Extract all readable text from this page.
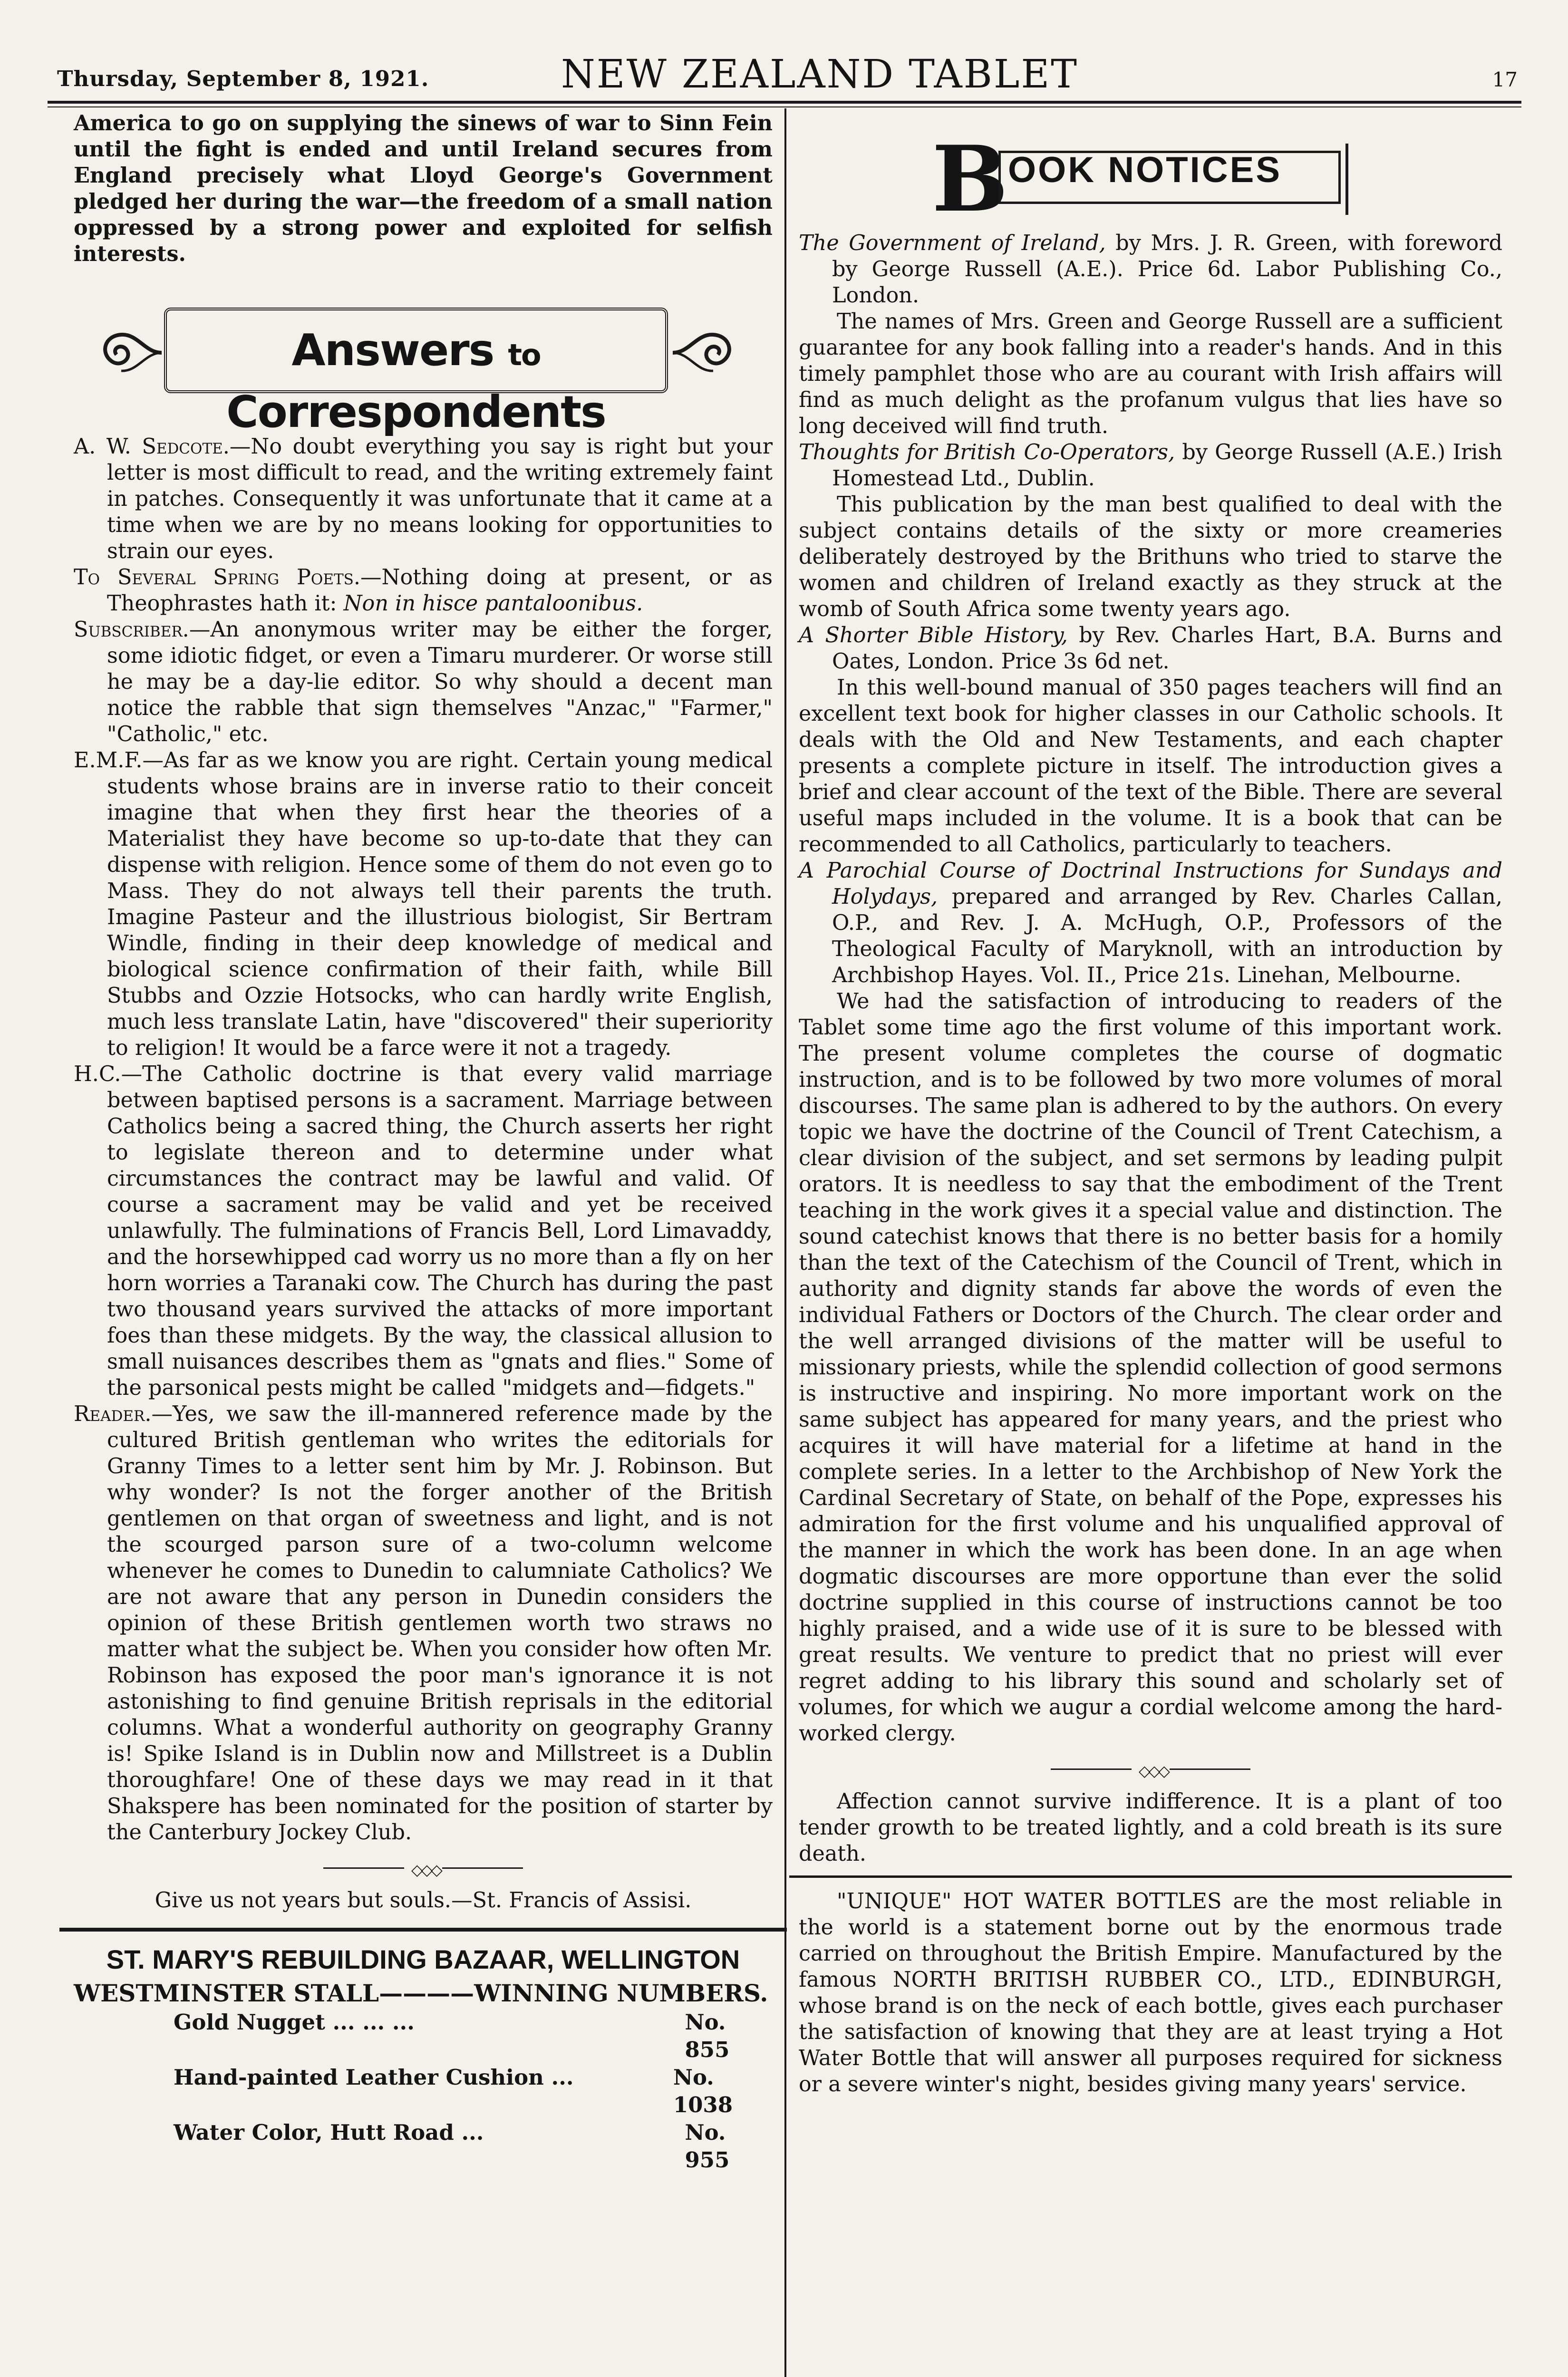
Thursday, September 8, 1921.	NEW ZEALAND TABLET	17

America to go on supplying the sinews of war to Sinn Fein until the fight is ended and until Ireland secures from England precisely what Lloyd George's Government pledged her during the war—the freedom of a small nation oppressed by a strong power and exploited for selfish interests.

Answers to Correspondents

A. W. Sedcote.—No doubt everything you say is right but your letter is most difficult to read, and the writing extremely faint in patches. Consequently it was unfortunate that it came at a time when we are by no means looking for opportunities to strain our eyes.

To Several Spring Poets.—Nothing doing at present, or as Theophrastes hath it: Non in hisce pantaloonibus.

Subscriber.—An anonymous writer may be either the forger, some idiotic fidget, or even a Timaru murderer. Or worse still he may be a day-lie editor. So why should a decent man notice the rabble that sign themselves "Anzac," "Farmer," "Catholic," etc.

E.M.F.—As far as we know you are right. Certain young medical students whose brains are in inverse ratio to their conceit imagine that when they first hear the theories of a Materialist they have become so up-to-date that they can dispense with religion. Hence some of them do not even go to Mass. They do not always tell their parents the truth. Imagine Pasteur and the illustrious biologist, Sir Bertram Windle, finding in their deep knowledge of medical and biological science confirmation of their faith, while Bill Stubbs and Ozzie Hotsocks, who can hardly write English, much less translate Latin, have "discovered" their superiority to religion! It would be a farce were it not a tragedy.

H.C.—The Catholic doctrine is that every valid marriage between baptised persons is a sacrament. Marriage between Catholics being a sacred thing, the Church asserts her right to legislate thereon and to determine under what circumstances the contract may be lawful and valid. Of course a sacrament may be valid and yet be received unlawfully. The fulminations of Francis Bell, Lord Limavaddy, and the horsewhipped cad worry us no more than a fly on her horn worries a Taranaki cow. The Church has during the past two thousand years survived the attacks of more important foes than these midgets. By the way, the classical allusion to small nuisances describes them as "gnats and flies." Some of the parsonical pests might be called "midgets and—fidgets."

Reader.—Yes, we saw the ill-mannered reference made by the cultured British gentleman who writes the editorials for Granny Times to a letter sent him by Mr. J. Robinson. But why wonder? Is not the forger another of the British gentlemen on that organ of sweetness and light, and is not the scourged parson sure of a two-column welcome whenever he comes to Dunedin to calumniate Catholics? We are not aware that any person in Dunedin considers the opinion of these British gentlemen worth two straws no matter what the subject be. When you consider how often Mr. Robinson has exposed the poor man's ignorance it is not astonishing to find genuine British reprisals in the editorial columns. What a wonderful authority on geography Granny is! Spike Island is in Dublin now and Millstreet is a Dublin thoroughfare! One of these days we may read in it that Shakspere has been nominated for the position of starter by the Canterbury Jockey Club.

◇◇◇

Give us not years but souls.—St. Francis of Assisi.

ST. MARY'S REBUILDING BAZAAR, WELLINGTON
WESTMINSTER STALL————WINNING NUMBERS.
Gold Nugget ... ... ...	No. 855
Hand-painted Leather Cushion ...	No. 1038
Water Color, Hutt Road ...	No. 955
B OOK NOTICES

The Government of Ireland, by Mrs. J. R. Green, with foreword by George Russell (A.E.). Price 6d. Labor Publishing Co., London.

The names of Mrs. Green and George Russell are a sufficient guarantee for any book falling into a reader's hands. And in this timely pamphlet those who are au courant with Irish affairs will find as much delight as the profanum vulgus that lies have so long deceived will find truth.

Thoughts for British Co-Operators, by George Russell (A.E.) Irish Homestead Ltd., Dublin.

This publication by the man best qualified to deal with the subject contains details of the sixty or more creameries deliberately destroyed by the Brithuns who tried to starve the women and children of Ireland exactly as they struck at the womb of South Africa some twenty years ago.

A Shorter Bible History, by Rev. Charles Hart, B.A. Burns and Oates, London. Price 3s 6d net.

In this well-bound manual of 350 pages teachers will find an excellent text book for higher classes in our Catholic schools. It deals with the Old and New Testaments, and each chapter presents a complete picture in itself. The introduction gives a brief and clear account of the text of the Bible. There are several useful maps included in the volume. It is a book that can be recommended to all Catholics, particularly to teachers.

A Parochial Course of Doctrinal Instructions for Sundays and Holydays, prepared and arranged by Rev. Charles Callan, O.P., and Rev. J. A. McHugh, O.P., Professors of the Theological Faculty of Maryknoll, with an introduction by Archbishop Hayes. Vol. II., Price 21s. Linehan, Melbourne.

We had the satisfaction of introducing to readers of the Tablet some time ago the first volume of this important work. The present volume completes the course of dogmatic instruction, and is to be followed by two more volumes of moral discourses. The same plan is adhered to by the authors. On every topic we have the doctrine of the Council of Trent Catechism, a clear division of the subject, and set sermons by leading pulpit orators. It is needless to say that the embodiment of the Trent teaching in the work gives it a special value and distinction. The sound catechist knows that there is no better basis for a homily than the text of the Catechism of the Council of Trent, which in authority and dignity stands far above the words of even the individual Fathers or Doctors of the Church. The clear order and the well arranged divisions of the matter will be useful to missionary priests, while the splendid collection of good sermons is instructive and inspiring. No more important work on the same subject has appeared for many years, and the priest who acquires it will have material for a lifetime at hand in the complete series. In a letter to the Archbishop of New York the Cardinal Secretary of State, on behalf of the Pope, expresses his admiration for the first volume and his unqualified approval of the manner in which the work has been done. In an age when dogmatic discourses are more opportune than ever the solid doctrine supplied in this course of instructions cannot be too highly praised, and a wide use of it is sure to be blessed with great results. We venture to predict that no priest will ever regret adding to his library this sound and scholarly set of volumes, for which we augur a cordial welcome among the hard-worked clergy.

◇◇◇

Affection cannot survive indifference. It is a plant of too tender growth to be treated lightly, and a cold breath is its sure death.

"UNIQUE" HOT WATER BOTTLES are the most reliable in the world is a statement borne out by the enormous trade carried on throughout the British Empire. Manufactured by the famous NORTH BRITISH RUBBER CO., LTD., EDINBURGH, whose brand is on the neck of each bottle, gives each purchaser the satisfaction of knowing that they are at least trying a Hot Water Bottle that will answer all purposes required for sickness or a severe winter's night, besides giving many years' service.
